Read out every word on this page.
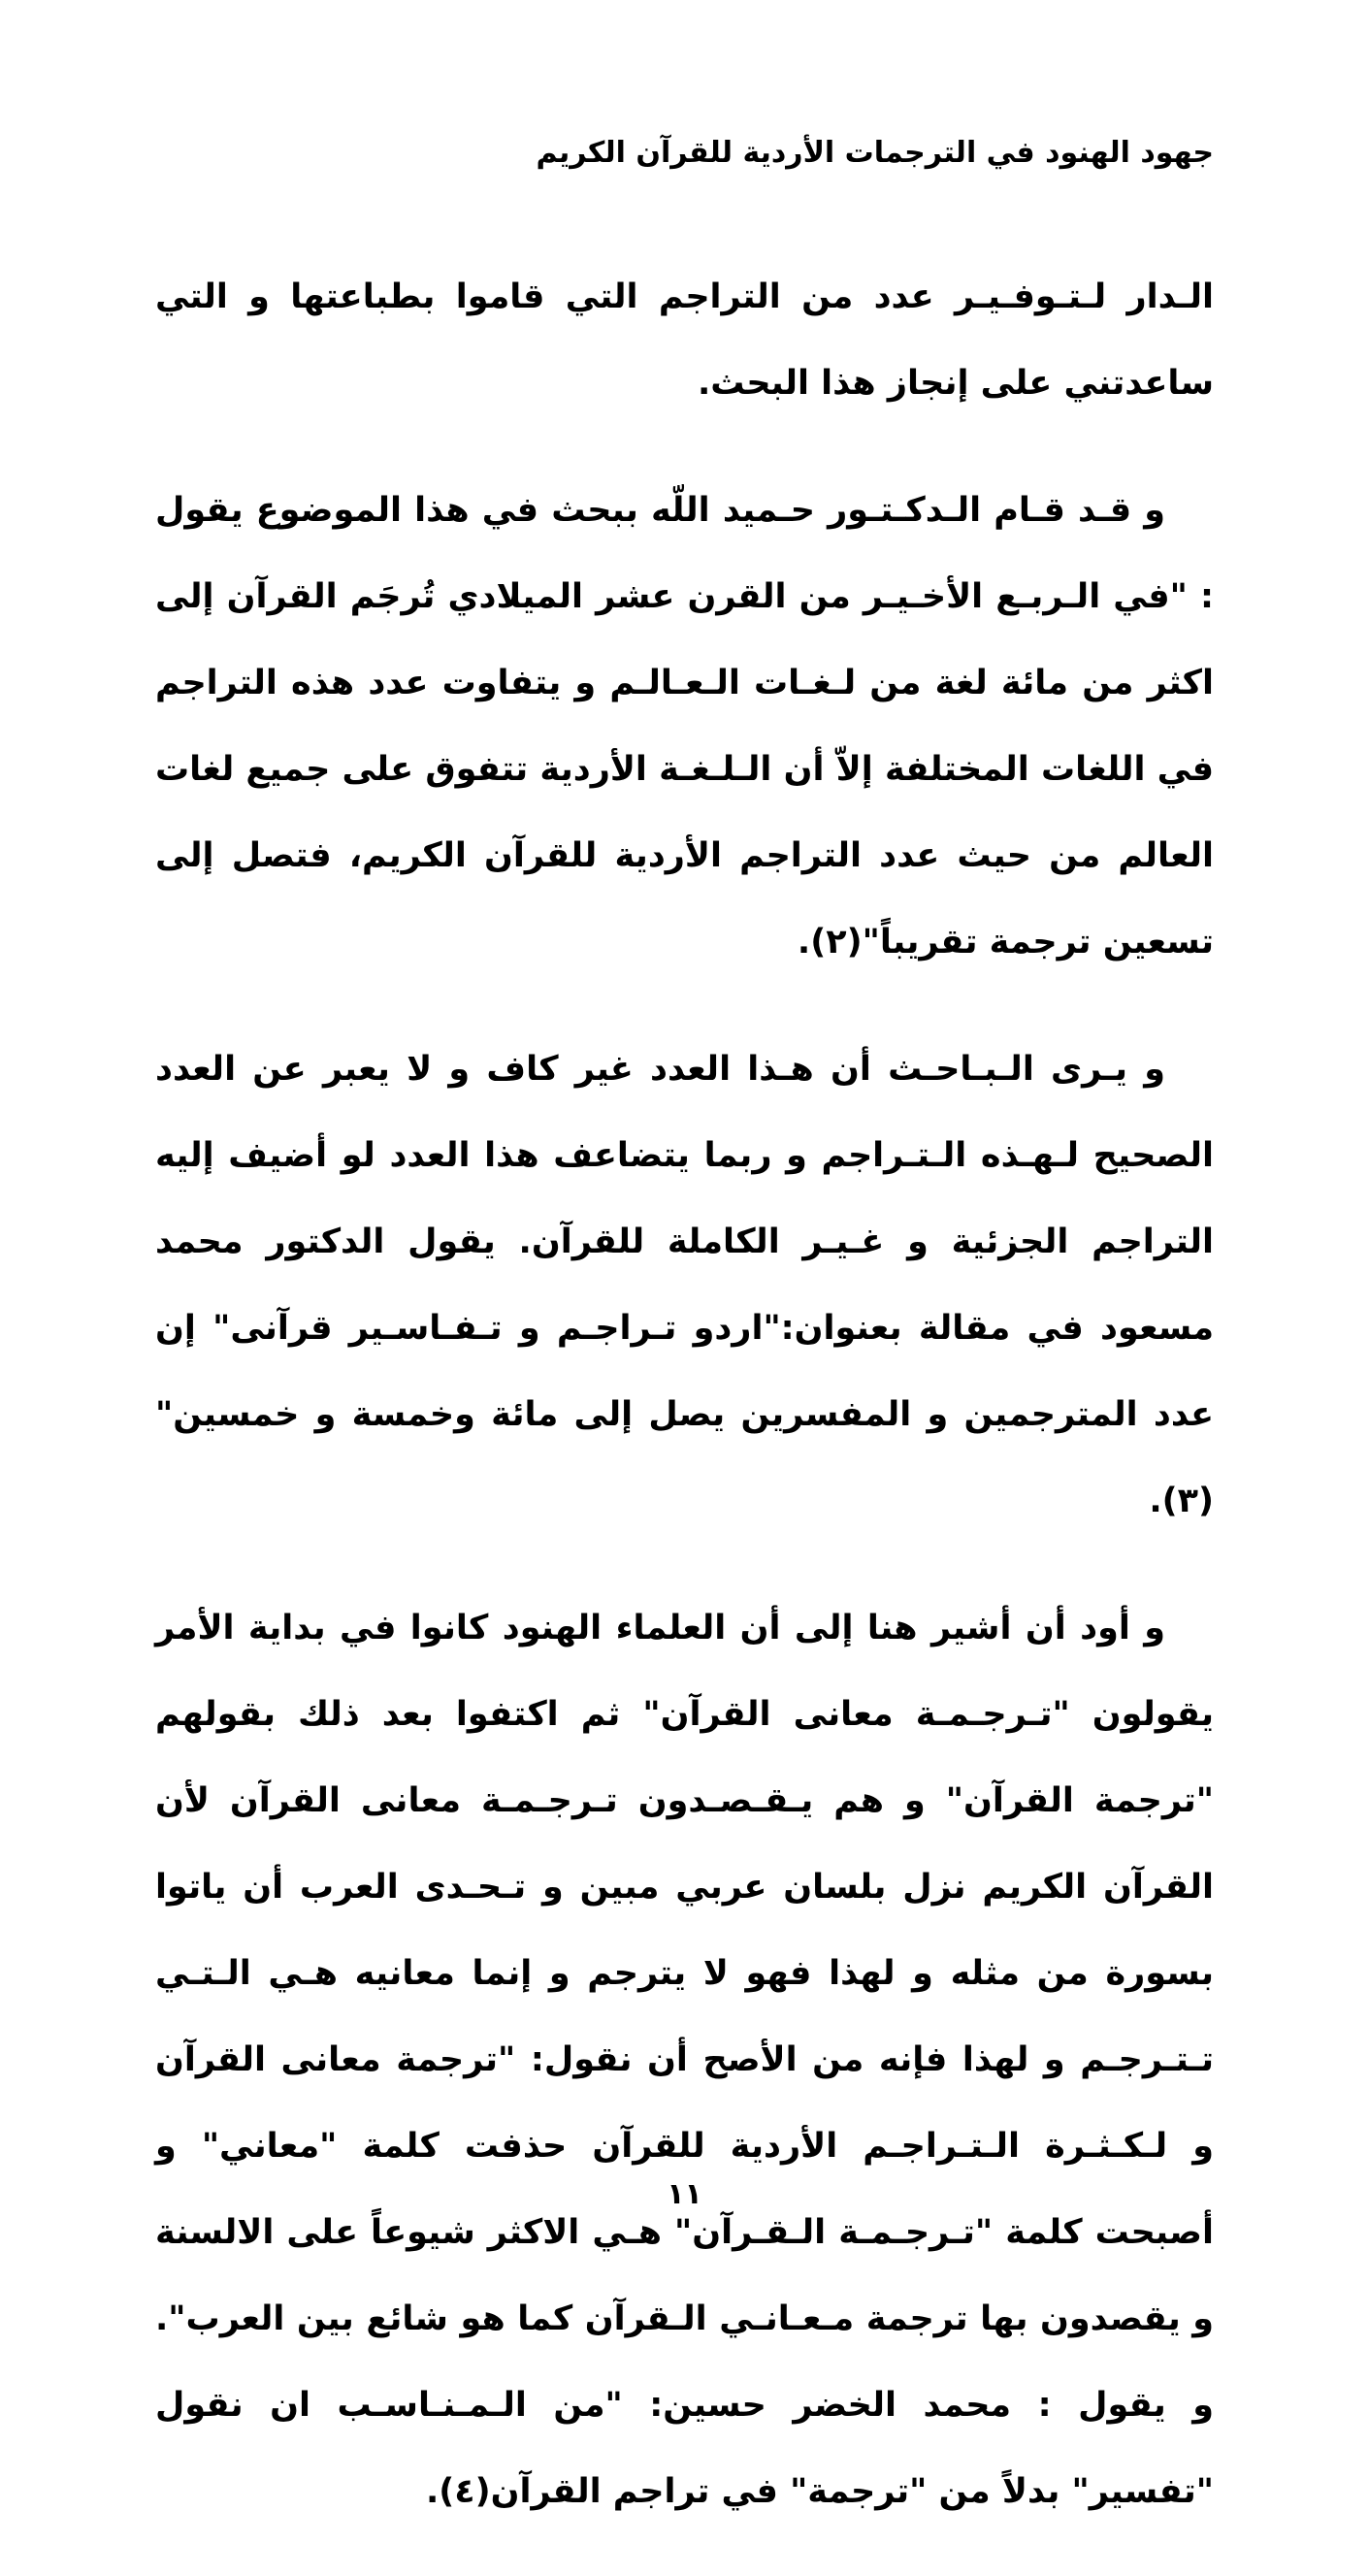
جهود الهنود في الترجمات الأردية للقرآن الكريم

الـدار لـتـوفـيـر عدد من التراجم التي قاموا بطباعتها و التي ساعدتني على إنجاز هذا البحث.

و قـد قـام الـدكـتـور حـميد اللّه ببحث في هذا الموضوع يقول : "في الـربـع الأخـيـر من القرن عشر الميلادي تُرجَم القرآن إلى اكثر من مائة لغة من لـغـات الـعـالـم و يتفاوت عدد هذه التراجم في اللغات المختلفة إلاّ أن الـلـغـة الأردية تتفوق على جميع لغات العالم من حيث عدد التراجم الأردية للقرآن الكريم، فتصل إلى تسعين ترجمة تقريباً"(٢).

و يـرى الـبـاحـث أن هـذا العدد غير كاف و لا يعبر عن العدد الصحيح لـهـذه الـتـراجم و ربما يتضاعف هذا العدد لو أضيف إليه التراجم الجزئية و غـيـر الكاملة للقرآن. يقول الدكتور محمد مسعود في مقالة بعنوان:"اردو تـراجـم و تـفـاسـير قرآنى" إن عدد المترجمين و المفسرين يصل إلى مائة وخمسة و خمسين"(٣).

و أود أن أشير هنا إلى أن العلماء الهنود كانوا في بداية الأمر يقولون "تـرجـمـة معانى القرآن" ثم اكتفوا بعد ذلك بقولهم "ترجمة القرآن" و هم يـقـصـدون تـرجـمـة معانى القرآن لأن القرآن الكريم نزل بلسان عربي مبين و تـحـدى العرب أن ياتوا بسورة من مثله و لهذا فهو لا يترجم و إنما معانيه هـي الـتـي تـتـرجـم و لهذا فإنه من الأصح أن نقول: "ترجمة معانى القرآن و لـكـثـرة الـتـراجـم الأردية للقرآن حذفت كلمة "معاني" و أصبحت كلمة "تـرجـمـة الـقـرآن" هـي الاكثر شيوعاً على الالسنة و يقصدون بها ترجمة مـعـانـي الـقرآن كما هو شائع بين العرب". و يقول : محمد الخضر حسين: "من الـمـنـاسـب ان نقول "تفسير" بدلاً من "ترجمة" في تراجم القرآن(٤).

١١
